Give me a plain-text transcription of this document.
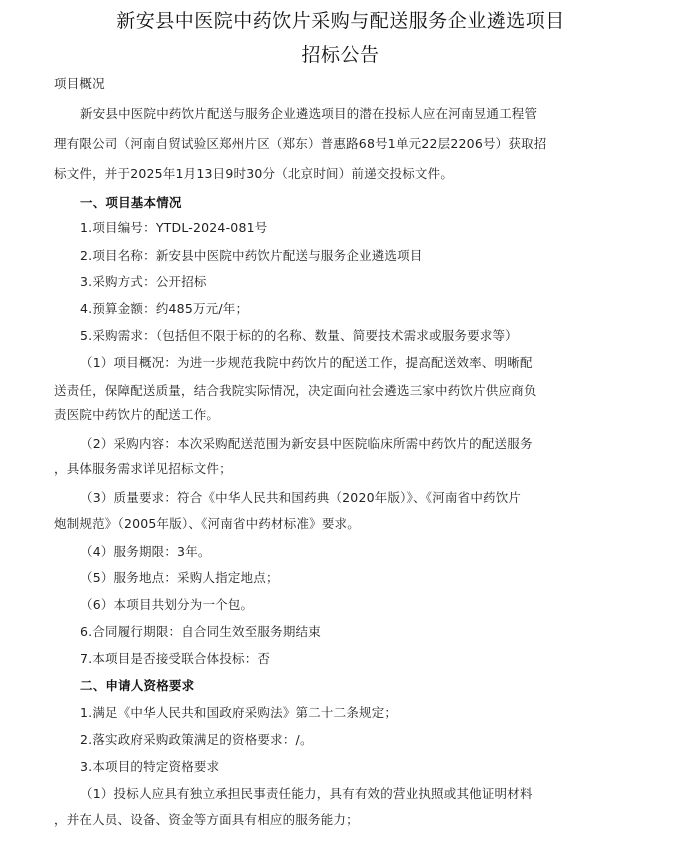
新安县中医院中药饮片采购与配送服务企业遴选项目
招标公告
项目概况
新安县中医院中药饮片配送与服务企业遴选项目的潜在投标人应在河南昱通工程管
理有限公司（河南自贸试验区郑州片区（郑东）普惠路68号1单元22层2206号）获取招
标文件，并于2025年1月13日9时30分（北京时间）前递交投标文件。
一、项目基本情况
1.项目编号：YTDL-2024-081号
2.项目名称：新安县中医院中药饮片配送与服务企业遴选项目
3.采购方式：公开招标
4.预算金额：约485万元/年；
5.采购需求：（包括但不限于标的的名称、数量、简要技术需求或服务要求等）
（1）项目概况：为进一步规范我院中药饮片的配送工作，提高配送效率、明晰配
送责任，保障配送质量，结合我院实际情况，决定面向社会遴选三家中药饮片供应商负
责医院中药饮片的配送工作。
（2）采购内容：本次采购配送范围为新安县中医院临床所需中药饮片的配送服务
，具体服务需求详见招标文件；
（3）质量要求：符合《中华人民共和国药典（2020年版）》、《河南省中药饮片
炮制规范》（2005年版）、《河南省中药材标准》要求。
（4）服务期限：3年。
（5）服务地点：采购人指定地点；
（6）本项目共划分为一个包。
6.合同履行期限：自合同生效至服务期结束
7.本项目是否接受联合体投标：否
二、申请人资格要求
1.满足《中华人民共和国政府采购法》第二十二条规定；
2.落实政府采购政策满足的资格要求：/。
3.本项目的特定资格要求
（1）投标人应具有独立承担民事责任能力，具有有效的营业执照或其他证明材料
，并在人员、设备、资金等方面具有相应的服务能力；
